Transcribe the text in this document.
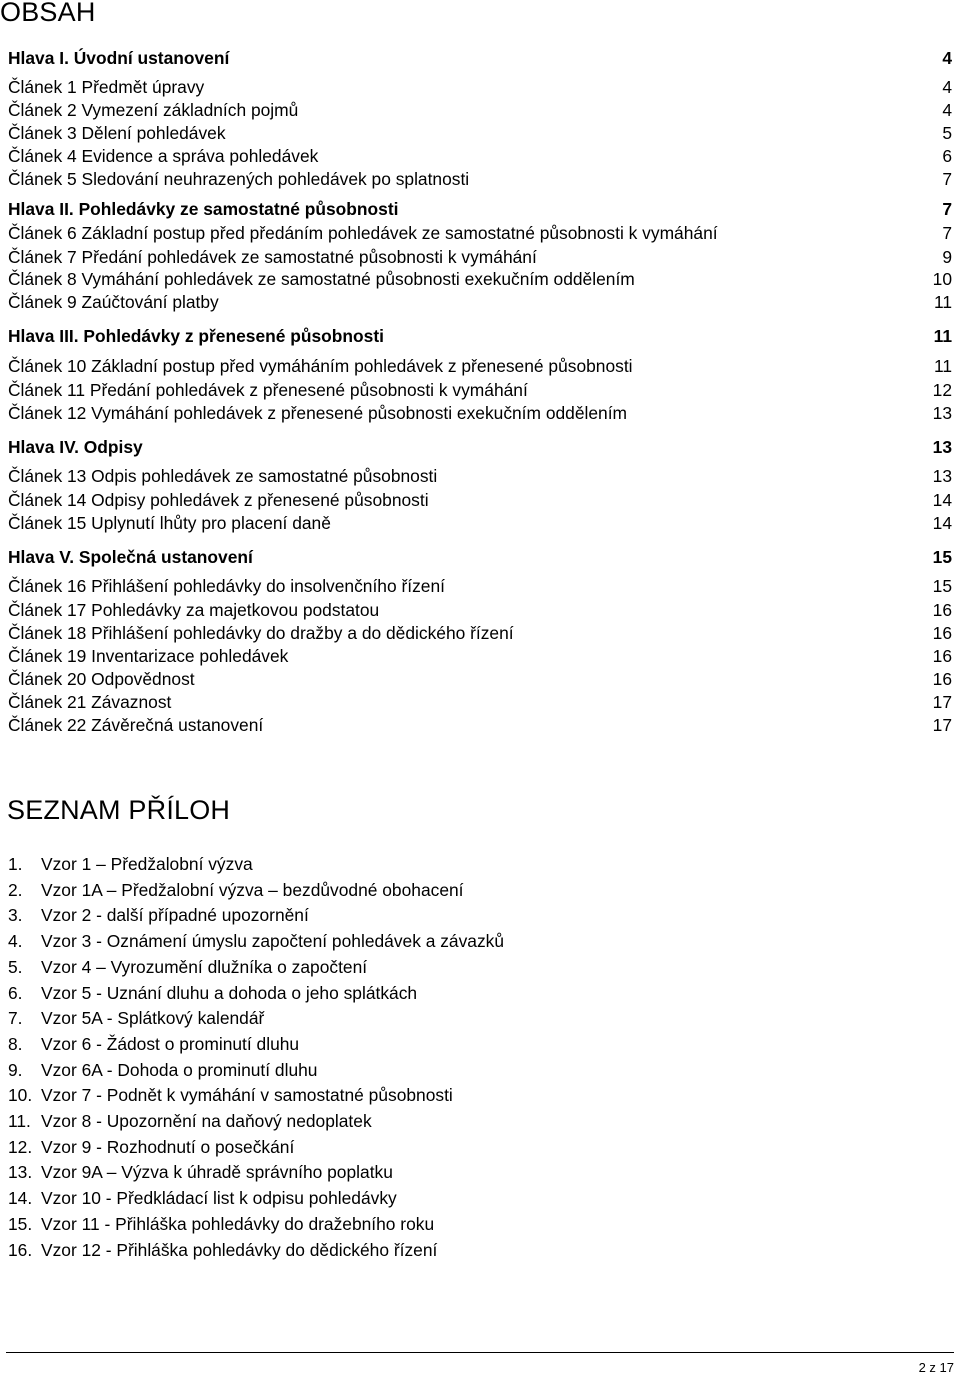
OBSAH
Hlava I. Úvodní ustanovení	4
Článek 1 Předmět úpravy	4
Článek 2 Vymezení základních pojmů	4
Článek 3 Dělení pohledávek	5
Článek 4 Evidence a správa pohledávek	6
Článek 5 Sledování neuhrazených pohledávek po splatnosti	7
Hlava II. Pohledávky ze samostatné působnosti	7
Článek 6 Základní postup před předáním pohledávek ze samostatné působnosti k vymáhání	7
Článek 7 Předání pohledávek ze samostatné působnosti k vymáhání	9
Článek 8 Vymáhání pohledávek ze samostatné působnosti exekučním oddělením	10
Článek 9 Zaúčtování platby	11
Hlava III. Pohledávky z přenesené působnosti	11
Článek 10 Základní postup před vymáháním pohledávek z přenesené působnosti	11
Článek 11 Předání pohledávek z přenesené působnosti k vymáhání	12
Článek 12 Vymáhání pohledávek z přenesené působnosti exekučním oddělením	13
Hlava IV. Odpisy	13
Článek 13 Odpis pohledávek ze samostatné působnosti	13
Článek 14 Odpisy pohledávek z přenesené působnosti	14
Článek 15 Uplynutí lhůty pro placení daně	14
Hlava V. Společná ustanovení	15
Článek 16 Přihlášení pohledávky do insolvenčního řízení	15
Článek 17 Pohledávky za majetkovou podstatou	16
Článek 18 Přihlášení pohledávky do dražby a do dědického řízení	16
Článek 19 Inventarizace pohledávek	16
Článek 20 Odpovědnost	16
Článek 21 Závaznost	17
Článek 22 Závěrečná ustanovení	17
SEZNAM PŘÍLOH
1. Vzor 1 – Předžalobní výzva
2. Vzor 1A – Předžalobní výzva – bezdůvodné obohacení
3. Vzor 2 - další případné upozornění
4. Vzor 3 - Oznámení úmyslu započtení pohledávek a závazků
5. Vzor 4 – Vyrozumění dlužníka o započtení
6. Vzor 5 - Uznání dluhu a dohoda o jeho splátkách
7. Vzor 5A - Splátkový kalendář
8. Vzor 6 - Žádost o prominutí dluhu
9. Vzor 6A - Dohoda o prominutí dluhu
10. Vzor 7 - Podnět k vymáhání v samostatné působnosti
11. Vzor 8 - Upozornění na daňový nedoplatek
12. Vzor 9 - Rozhodnutí o posečkání
13. Vzor 9A – Výzva k úhradě správního poplatku
14. Vzor 10 - Předkládací list k odpisu pohledávky
15. Vzor 11 - Přihláška pohledávky do dražebního roku
16. Vzor 12 - Přihláška pohledávky do dědického řízení
2 z 17
